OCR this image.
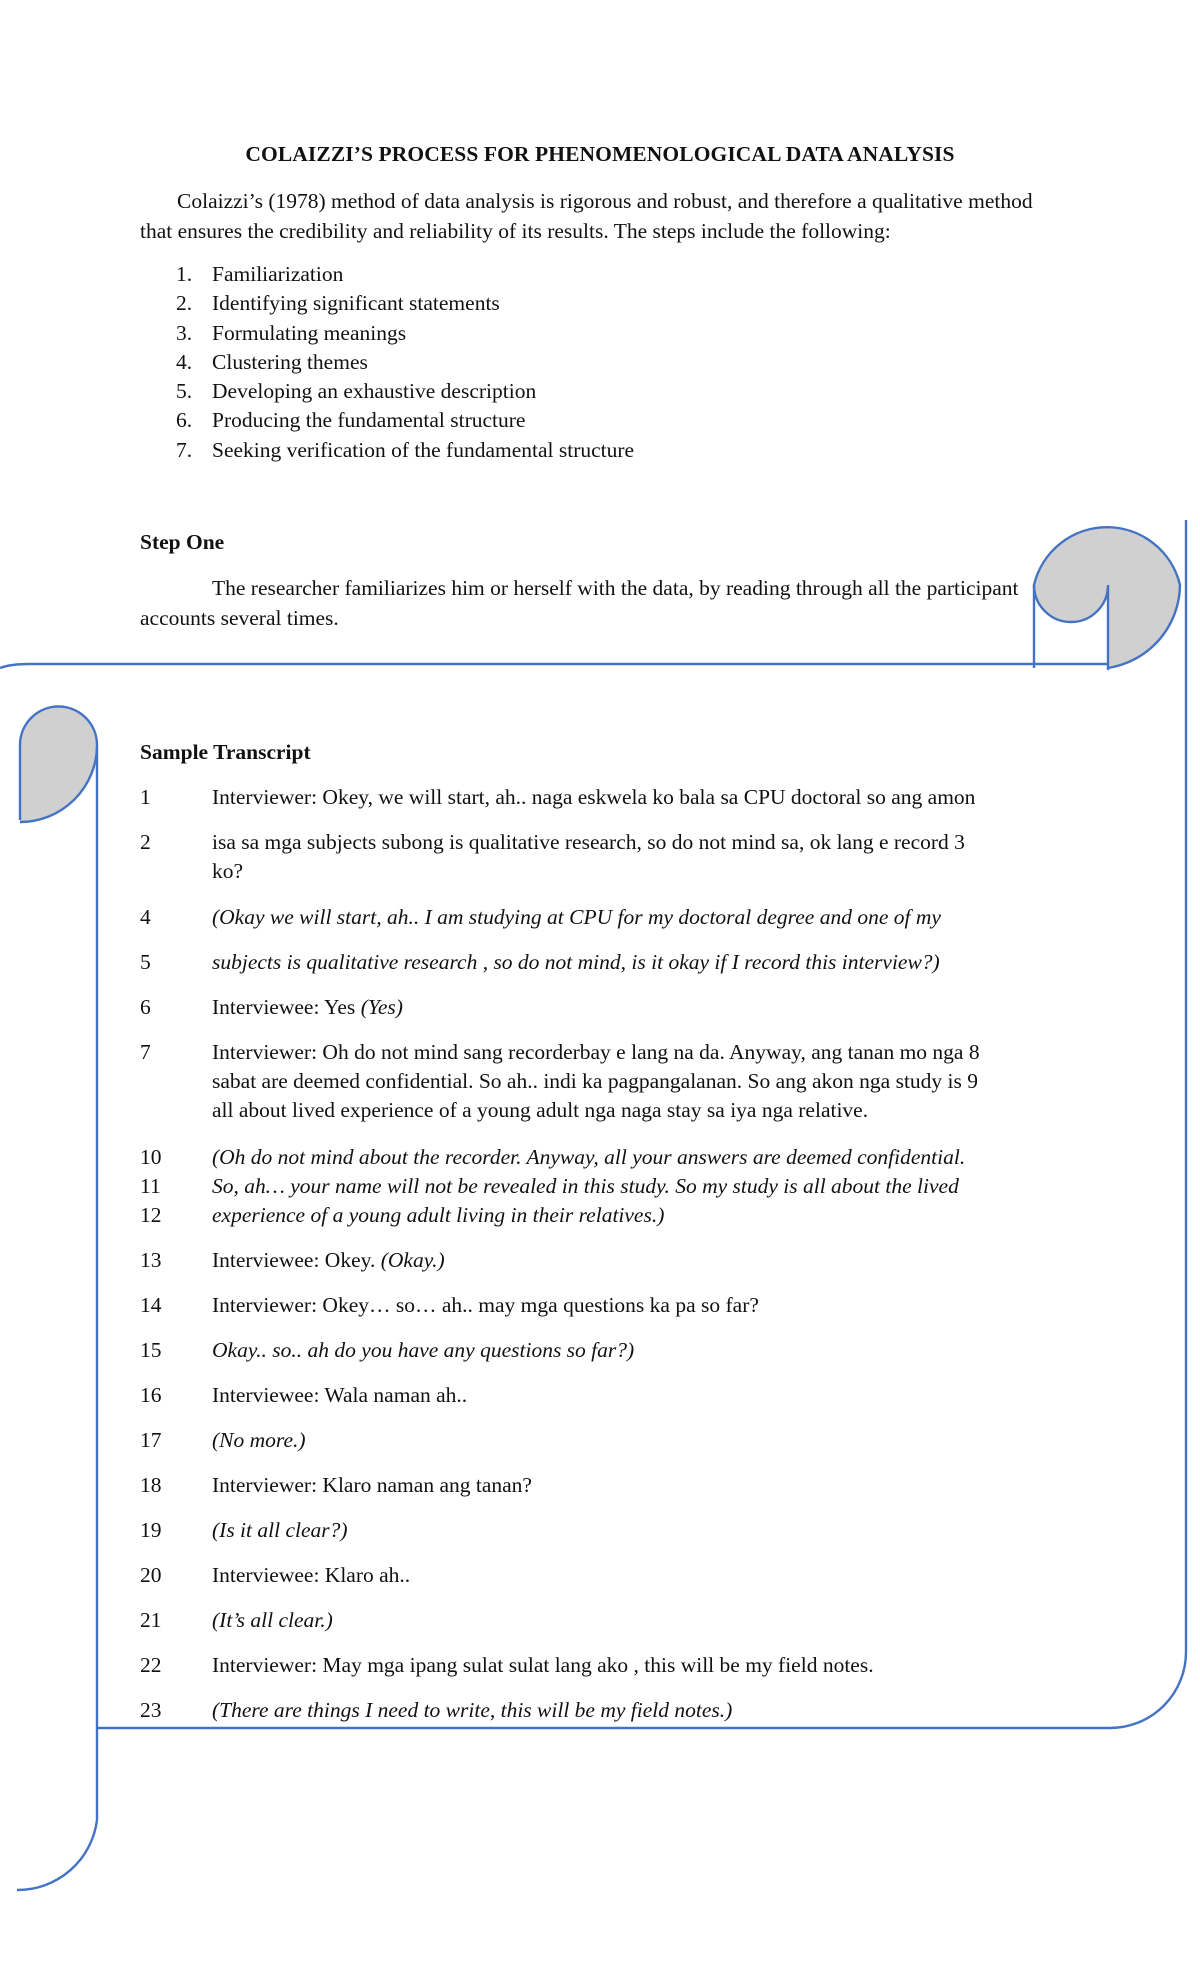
COLAIZZI’S PROCESS FOR PHENOMENOLOGICAL DATA ANALYSIS
Colaizzi’s (1978) method of data analysis is rigorous and robust, and therefore a qualitative method that ensures the credibility and reliability of its results. The steps include the following:
1. Familiarization
2. Identifying significant statements
3. Formulating meanings
4. Clustering themes
5. Developing an exhaustive description
6. Producing the fundamental structure
7. Seeking verification of the fundamental structure
Step One
The researcher familiarizes him or herself with the data, by reading through all the participant accounts several times.
Sample Transcript
1	Interviewer: Okey, we will start, ah.. naga eskwela ko bala sa CPU doctoral so ang amon
2	isa sa mga subjects subong is qualitative research, so do not mind sa, ok lang e record 3
ko?
4	(Okay we will start, ah.. I am studying at CPU for my doctoral degree and one of my
5	subjects is qualitative research , so do not mind, is it okay if I record this interview?)
6	Interviewee: Yes (Yes)
7	Interviewer: Oh do not mind sang recorderbay e lang na da. Anyway, ang tanan mo nga 8
sabat are deemed confidential. So ah.. indi ka pagpangalanan. So ang akon nga study is 9
all about lived experience of a young adult nga naga stay sa iya nga relative.
10	(Oh do not mind about the recorder. Anyway, all your answers are deemed confidential.
11	So, ah… your name will not be revealed in this study. So my study is all about the lived
12	experience of a young adult living in their relatives.)
13	Interviewee: Okey. (Okay.)
14	Interviewer: Okey… so… ah.. may mga questions ka pa so far?
15	Okay.. so.. ah do you have any questions so far?)
16	Interviewee: Wala naman ah..
17	(No more.)
18	Interviewer: Klaro naman ang tanan?
19	(Is it all clear?)
20	Interviewee: Klaro ah..
21	(It’s all clear.)
22	Interviewer: May mga ipang sulat sulat lang ako , this will be my field notes.
23	(There are things I need to write, this will be my field notes.)
